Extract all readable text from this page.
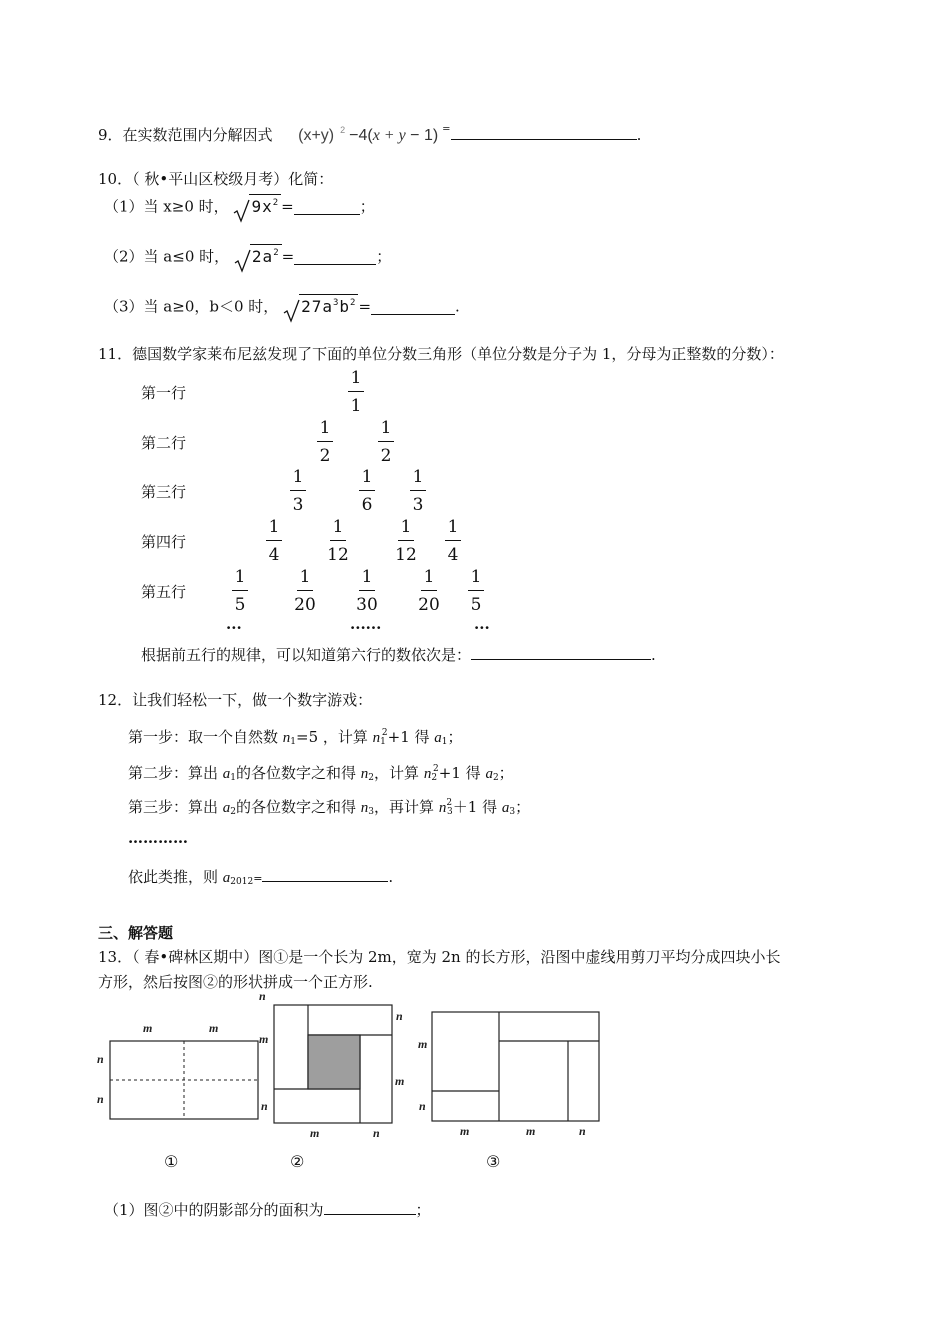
9．在实数范围内分解因式 (x+y) $^2$ −4(x + y − 1) =	.
10．（ 秋•平山区校级月考）化简：
（1）当 x≥0 时， $9x^2$ =	；
（2）当 a≤0 时， $2a^2$ =	；
（3）当 a≥0，b＜0 时， $27a^3b^2$ =	.
11．德国数学家莱布尼兹发现了下面的单位分数三角形（单位分数是分子为 1，分母为正整数的分数）：
第一行	$\frac{1}{1}$
第二行	$\frac{1}{2} \frac{1}{2}$
第三行	$\frac{1}{3} \frac{1}{6} \frac{1}{3}$
第四行	$\frac{1}{4} \frac{1}{12} \frac{1}{12} \frac{1}{4}$
第五行 $\frac{1}{5} \frac{1}{20} \frac{1}{30} \frac{1}{20} \frac{1}{5}$
...	......	...
根据前五行的规律，可以知道第六行的数依次是：	.
12．让我们轻松一下，做一个数字游戏：
第一步：取一个自然数 $n_1=5$ ，计算 $n_1^2+1$ 得 $a_1$；
第二步：算出 $a_1$的各位数字之和得 $n_2$，计算 $n_2^2+1$ 得 $a_2$；
第三步：算出 $a_2$的各位数字之和得 $n_3$，再计算 $n^2_3+1$ 得 $a_3$；
…………
依此类推，则 $a_{2012}=$	.
三、解答题
13．（ 春•碑林区期中）图①是一个长为 2m，宽为 2n 的长方形，沿图中虚线用剪刀平均分成四块小长
方形，然后按图②的形状拼成一个正方形.
m	m
n
n
n
n
m
m
n
m	n
m
n
m	m	n
①	②	③
（1）图②中的阴影部分的面积为	；
